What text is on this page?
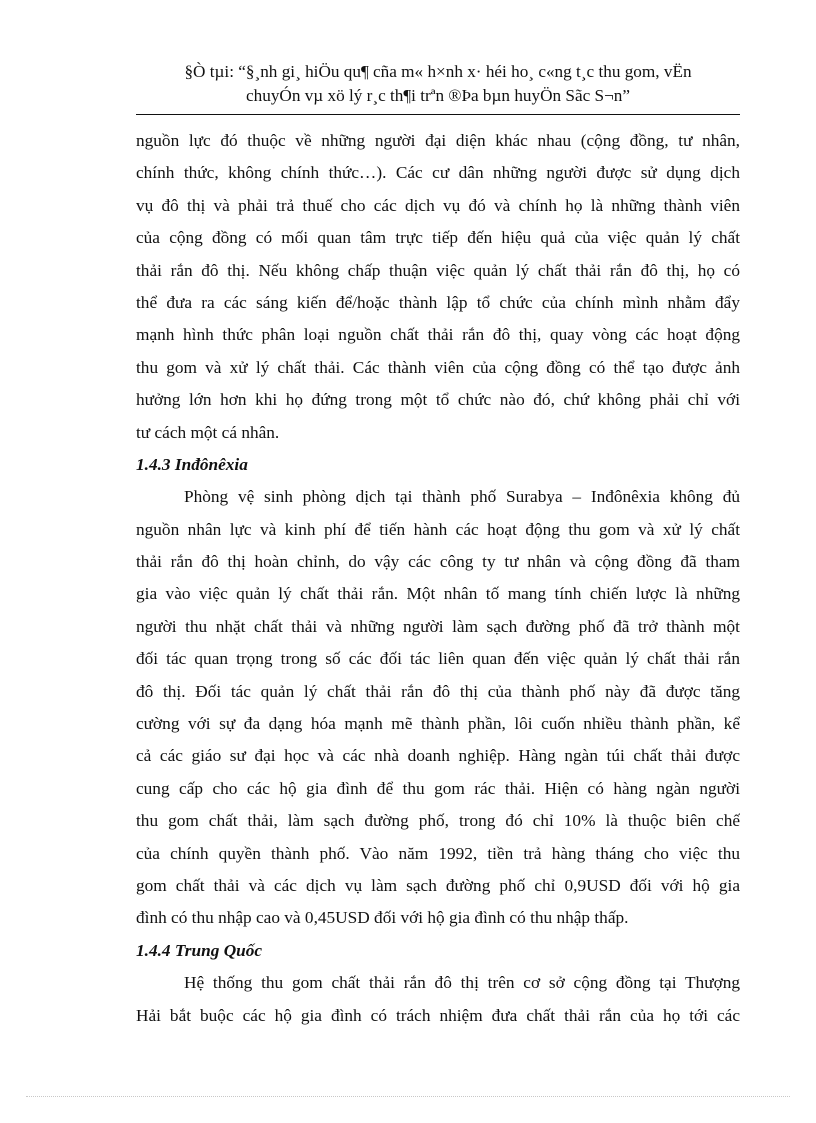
§Ò tµi: “§¸nh gi¸ hiÖu qu¶ cña m« h×nh x· héi ho¸ c«ng t¸c thu gom, vËn
chuyÓn vµ xö lý r¸c th¶i trªn ®Þa bµn huyÖn Sãc S¬n”
nguồn lực đó thuộc về những người đại diện khác nhau (cộng đồng, tư nhân,
chính thức, không chính thức…). Các cư dân những người được sử dụng dịch
vụ đô thị và phải trả thuế cho các dịch vụ đó và chính họ là những thành viên
của cộng đồng có mối quan tâm trực tiếp đến hiệu quả của việc quản lý chất
thải rắn đô thị. Nếu không chấp thuận việc quản lý chất thải rắn đô thị, họ có
thể đưa ra các sáng kiến để/hoặc thành lập tổ chức của chính mình nhằm đẩy
mạnh hình thức phân loại nguồn chất thải rắn đô thị, quay vòng các hoạt động
thu gom và xử lý chất thải. Các thành viên của cộng đồng có thể tạo được ảnh
hưởng lớn hơn khi họ đứng trong một tổ chức nào đó, chứ không phải chỉ với
tư cách một cá nhân.
1.4.3 Inđônêxia
Phòng vệ sinh phòng dịch tại thành phố Surabya – Inđônêxia không đủ
nguồn nhân lực và kinh phí để tiến hành các hoạt động thu gom và xử lý chất
thải rắn đô thị hoàn chỉnh, do vậy các công ty tư nhân và cộng đồng đã tham
gia vào việc quản lý chất thải rắn. Một nhân tố mang tính chiến lược là những
người thu nhặt chất thải và những người làm sạch đường phố đã trở thành một
đối tác quan trọng trong số các đối tác liên quan đến việc quản lý chất thải rắn
đô thị. Đối tác quản lý chất thải rắn đô thị của thành phố này đã được tăng
cường với sự đa dạng hóa mạnh mẽ thành phần, lôi cuốn nhiều thành phần, kể
cả các giáo sư đại học và các nhà doanh nghiệp. Hàng ngàn túi chất thải được
cung cấp cho các hộ gia đình để thu gom rác thải. Hiện có hàng ngàn người
thu gom chất thải, làm sạch đường phố, trong đó chỉ 10% là thuộc biên chế
của chính quyền thành phố. Vào năm 1992, tiền trả hàng tháng cho việc thu
gom chất thải và các dịch vụ làm sạch đường phố chỉ 0,9USD đối với hộ gia
đình có thu nhập cao và 0,45USD đối với hộ gia đình có thu nhập thấp.
1.4.4 Trung Quốc
Hệ thống thu gom chất thải rắn đô thị trên cơ sở cộng đồng tại Thượng
Hải bắt buộc các hộ gia đình có trách nhiệm đưa chất thải rắn của họ tới các
